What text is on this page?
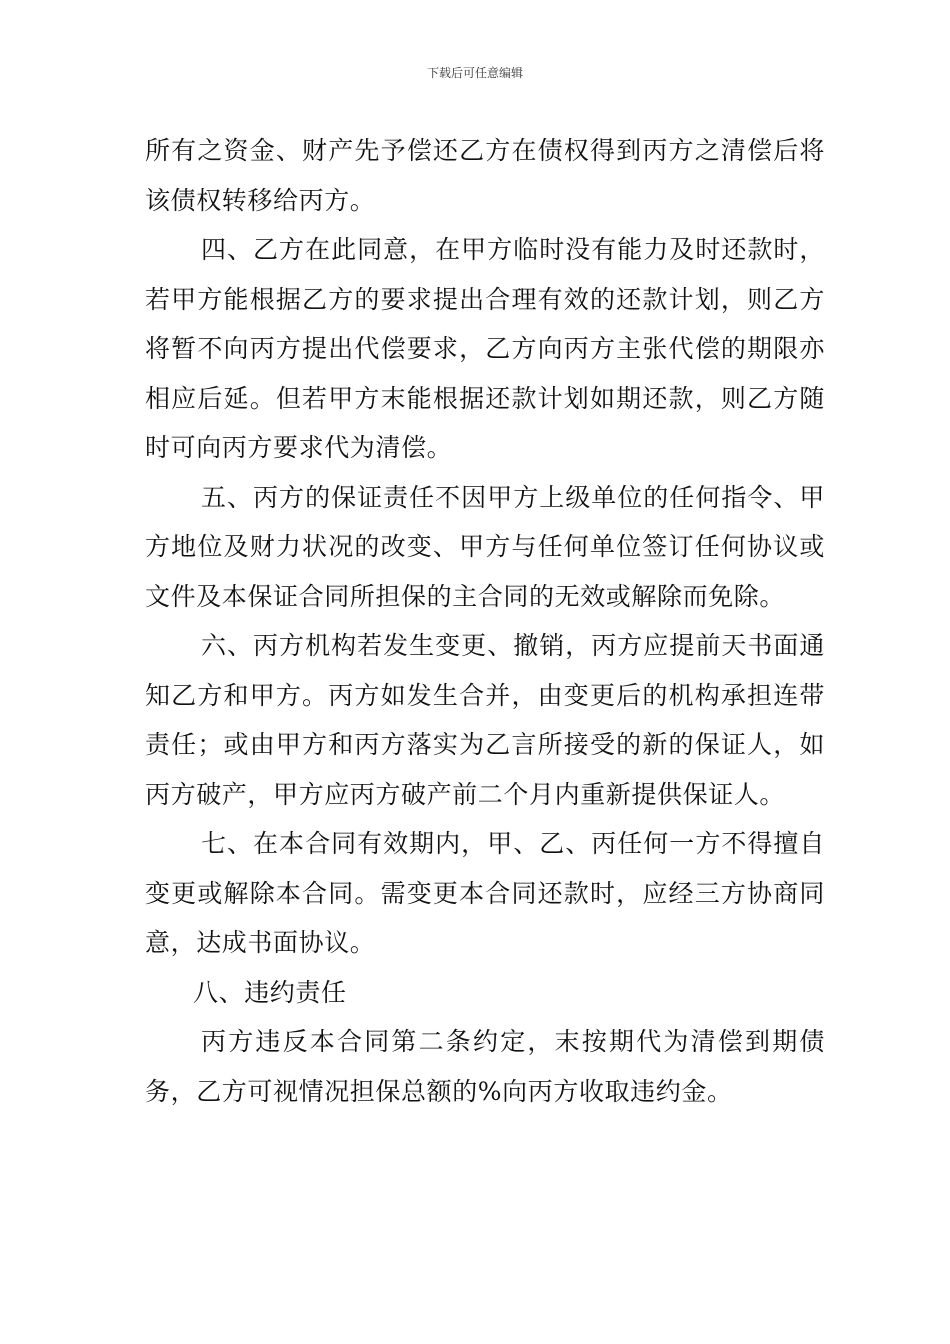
下载后可任意编辑

所有之资金、财产先予偿还乙方在债权得到丙方之清偿后将该债权转移给丙方。

四、乙方在此同意，在甲方临时没有能力及时还款时，若甲方能根据乙方的要求提出合理有效的还款计划，则乙方将暂不向丙方提出代偿要求，乙方向丙方主张代偿的期限亦相应后延。但若甲方末能根据还款计划如期还款，则乙方随时可向丙方要求代为清偿。

五、丙方的保证责任不因甲方上级单位的任何指令、甲方地位及财力状况的改变、甲方与任何单位签订任何协议或文件及本保证合同所担保的主合同的无效或解除而免除。

六、丙方机构若发生变更、撤销，丙方应提前天书面通知乙方和甲方。丙方如发生合并，由变更后的机构承担连带责任；或由甲方和丙方落实为乙言所接受的新的保证人，如丙方破产，甲方应丙方破产前二个月内重新提供保证人。

七、在本合同有效期内，甲、乙、丙任何一方不得擅自变更或解除本合同。需变更本合同还款时，应经三方协商同意，达成书面协议。

八、违约责任

丙方违反本合同第二条约定，末按期代为清偿到期债务，乙方可视情况担保总额的%向丙方收取违约金。
